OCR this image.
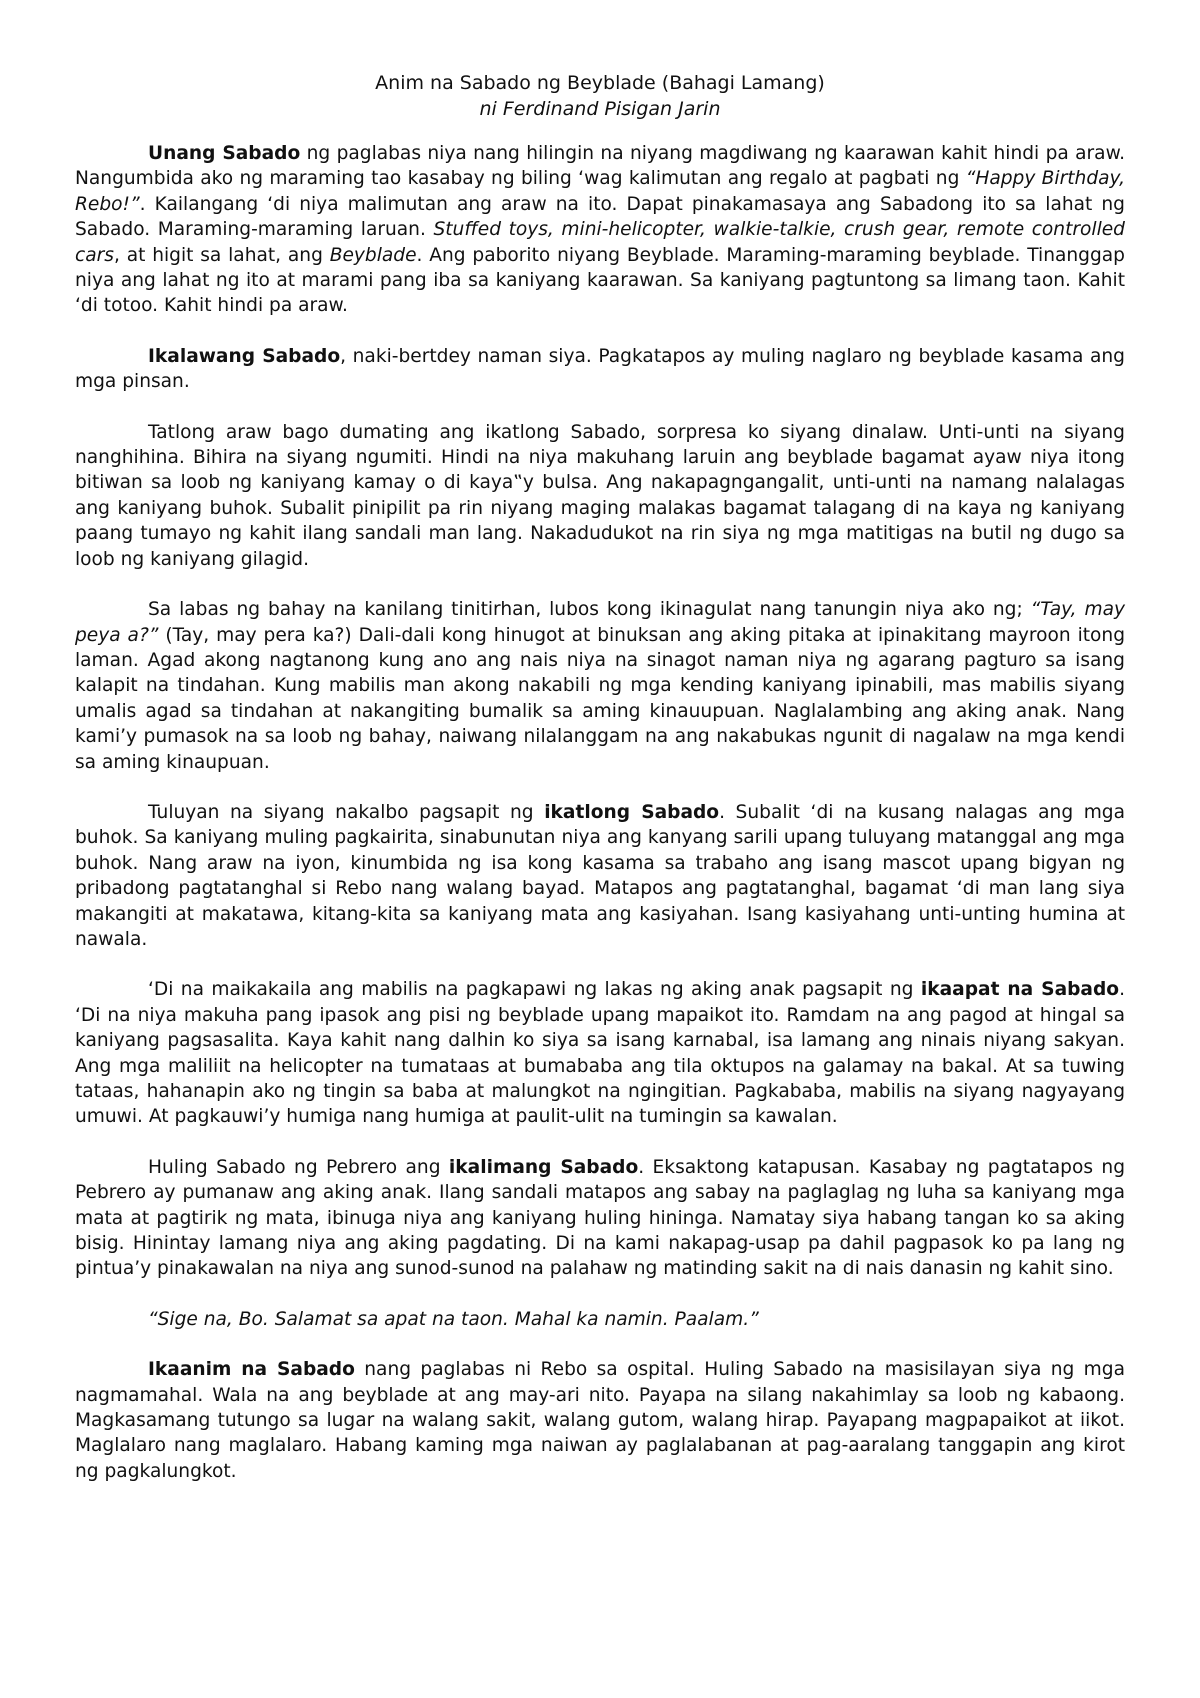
Anim na Sabado ng Beyblade (Bahagi Lamang)

ni Ferdinand Pisigan Jarin

Unang Sabado ng paglabas niya nang hilingin na niyang magdiwang ng kaarawan kahit hindi pa araw. Nangumbida ako ng maraming tao kasabay ng biling ‘wag kalimutan ang regalo at pagbati ng “Happy Birthday, Rebo!”. Kailangang ‘di niya malimutan ang araw na ito. Dapat pinakamasaya ang Sabadong ito sa lahat ng Sabado. Maraming-maraming laruan. Stuffed toys, mini-helicopter, walkie-talkie, crush gear, remote controlled cars, at higit sa lahat, ang Beyblade. Ang paborito niyang Beyblade. Maraming-maraming beyblade. Tinanggap niya ang lahat ng ito at marami pang iba sa kaniyang kaarawan. Sa kaniyang pagtuntong sa limang taon. Kahit ‘di totoo. Kahit hindi pa araw.

Ikalawang Sabado, naki-bertdey naman siya. Pagkatapos ay muling naglaro ng beyblade kasama ang mga pinsan.

Tatlong araw bago dumating ang ikatlong Sabado, sorpresa ko siyang dinalaw. Unti-unti na siyang nanghihina. Bihira na siyang ngumiti. Hindi na niya makuhang laruin ang beyblade bagamat ayaw niya itong bitiwan sa loob ng kaniyang kamay o di kaya‟y bulsa. Ang nakapagngangalit, unti-unti na namang nalalagas ang kaniyang buhok. Subalit pinipilit pa rin niyang maging malakas bagamat talagang di na kaya ng kaniyang paang tumayo ng kahit ilang sandali man lang. Nakadudukot na rin siya ng mga matitigas na butil ng dugo sa loob ng kaniyang gilagid.

Sa labas ng bahay na kanilang tinitirhan, lubos kong ikinagulat nang tanungin niya ako ng; “Tay, may peya a?” (Tay, may pera ka?) Dali-dali kong hinugot at binuksan ang aking pitaka at ipinakitang mayroon itong laman. Agad akong nagtanong kung ano ang nais niya na sinagot naman niya ng agarang pagturo sa isang kalapit na tindahan. Kung mabilis man akong nakabili ng mga kending kaniyang ipinabili, mas mabilis siyang umalis agad sa tindahan at nakangiting bumalik sa aming kinauupuan. Naglalambing ang aking anak. Nang kami’y pumasok na sa loob ng bahay, naiwang nilalanggam na ang nakabukas ngunit di nagalaw na mga kendi sa aming kinaupuan.

Tuluyan na siyang nakalbo pagsapit ng ikatlong Sabado. Subalit ‘di na kusang nalagas ang mga buhok. Sa kaniyang muling pagkairita, sinabunutan niya ang kanyang sarili upang tuluyang matanggal ang mga buhok. Nang araw na iyon, kinumbida ng isa kong kasama sa trabaho ang isang mascot upang bigyan ng pribadong pagtatanghal si Rebo nang walang bayad. Matapos ang pagtatanghal, bagamat ‘di man lang siya makangiti at makatawa, kitang-kita sa kaniyang mata ang kasiyahan. Isang kasiyahang unti-unting humina at nawala.

‘Di na maikakaila ang mabilis na pagkapawi ng lakas ng aking anak pagsapit ng ikaapat na Sabado. ‘Di na niya makuha pang ipasok ang pisi ng beyblade upang mapaikot ito. Ramdam na ang pagod at hingal sa kaniyang pagsasalita. Kaya kahit nang dalhin ko siya sa isang karnabal, isa lamang ang ninais niyang sakyan. Ang mga maliliit na helicopter na tumataas at bumababa ang tila oktupos na galamay na bakal. At sa tuwing tataas, hahanapin ako ng tingin sa baba at malungkot na ngingitian. Pagkababa, mabilis na siyang nagyayang umuwi. At pagkauwi’y humiga nang humiga at paulit-ulit na tumingin sa kawalan.

Huling Sabado ng Pebrero ang ikalimang Sabado. Eksaktong katapusan. Kasabay ng pagtatapos ng Pebrero ay pumanaw ang aking anak. Ilang sandali matapos ang sabay na paglaglag ng luha sa kaniyang mga mata at pagtirik ng mata, ibinuga niya ang kaniyang huling hininga. Namatay siya habang tangan ko sa aking bisig. Hinintay lamang niya ang aking pagdating. Di na kami nakapag-usap pa dahil pagpasok ko pa lang ng pintua’y pinakawalan na niya ang sunod-sunod na palahaw ng matinding sakit na di nais danasin ng kahit sino.

“Sige na, Bo. Salamat sa apat na taon. Mahal ka namin. Paalam.”

Ikaanim na Sabado nang paglabas ni Rebo sa ospital. Huling Sabado na masisilayan siya ng mga nagmamahal. Wala na ang beyblade at ang may-ari nito. Payapa na silang nakahimlay sa loob ng kabaong. Magkasamang tutungo sa lugar na walang sakit, walang gutom, walang hirap. Payapang magpapaikot at iikot. Maglalaro nang maglalaro. Habang kaming mga naiwan ay paglalabanan at pag-aaralang tanggapin ang kirot ng pagkalungkot.
